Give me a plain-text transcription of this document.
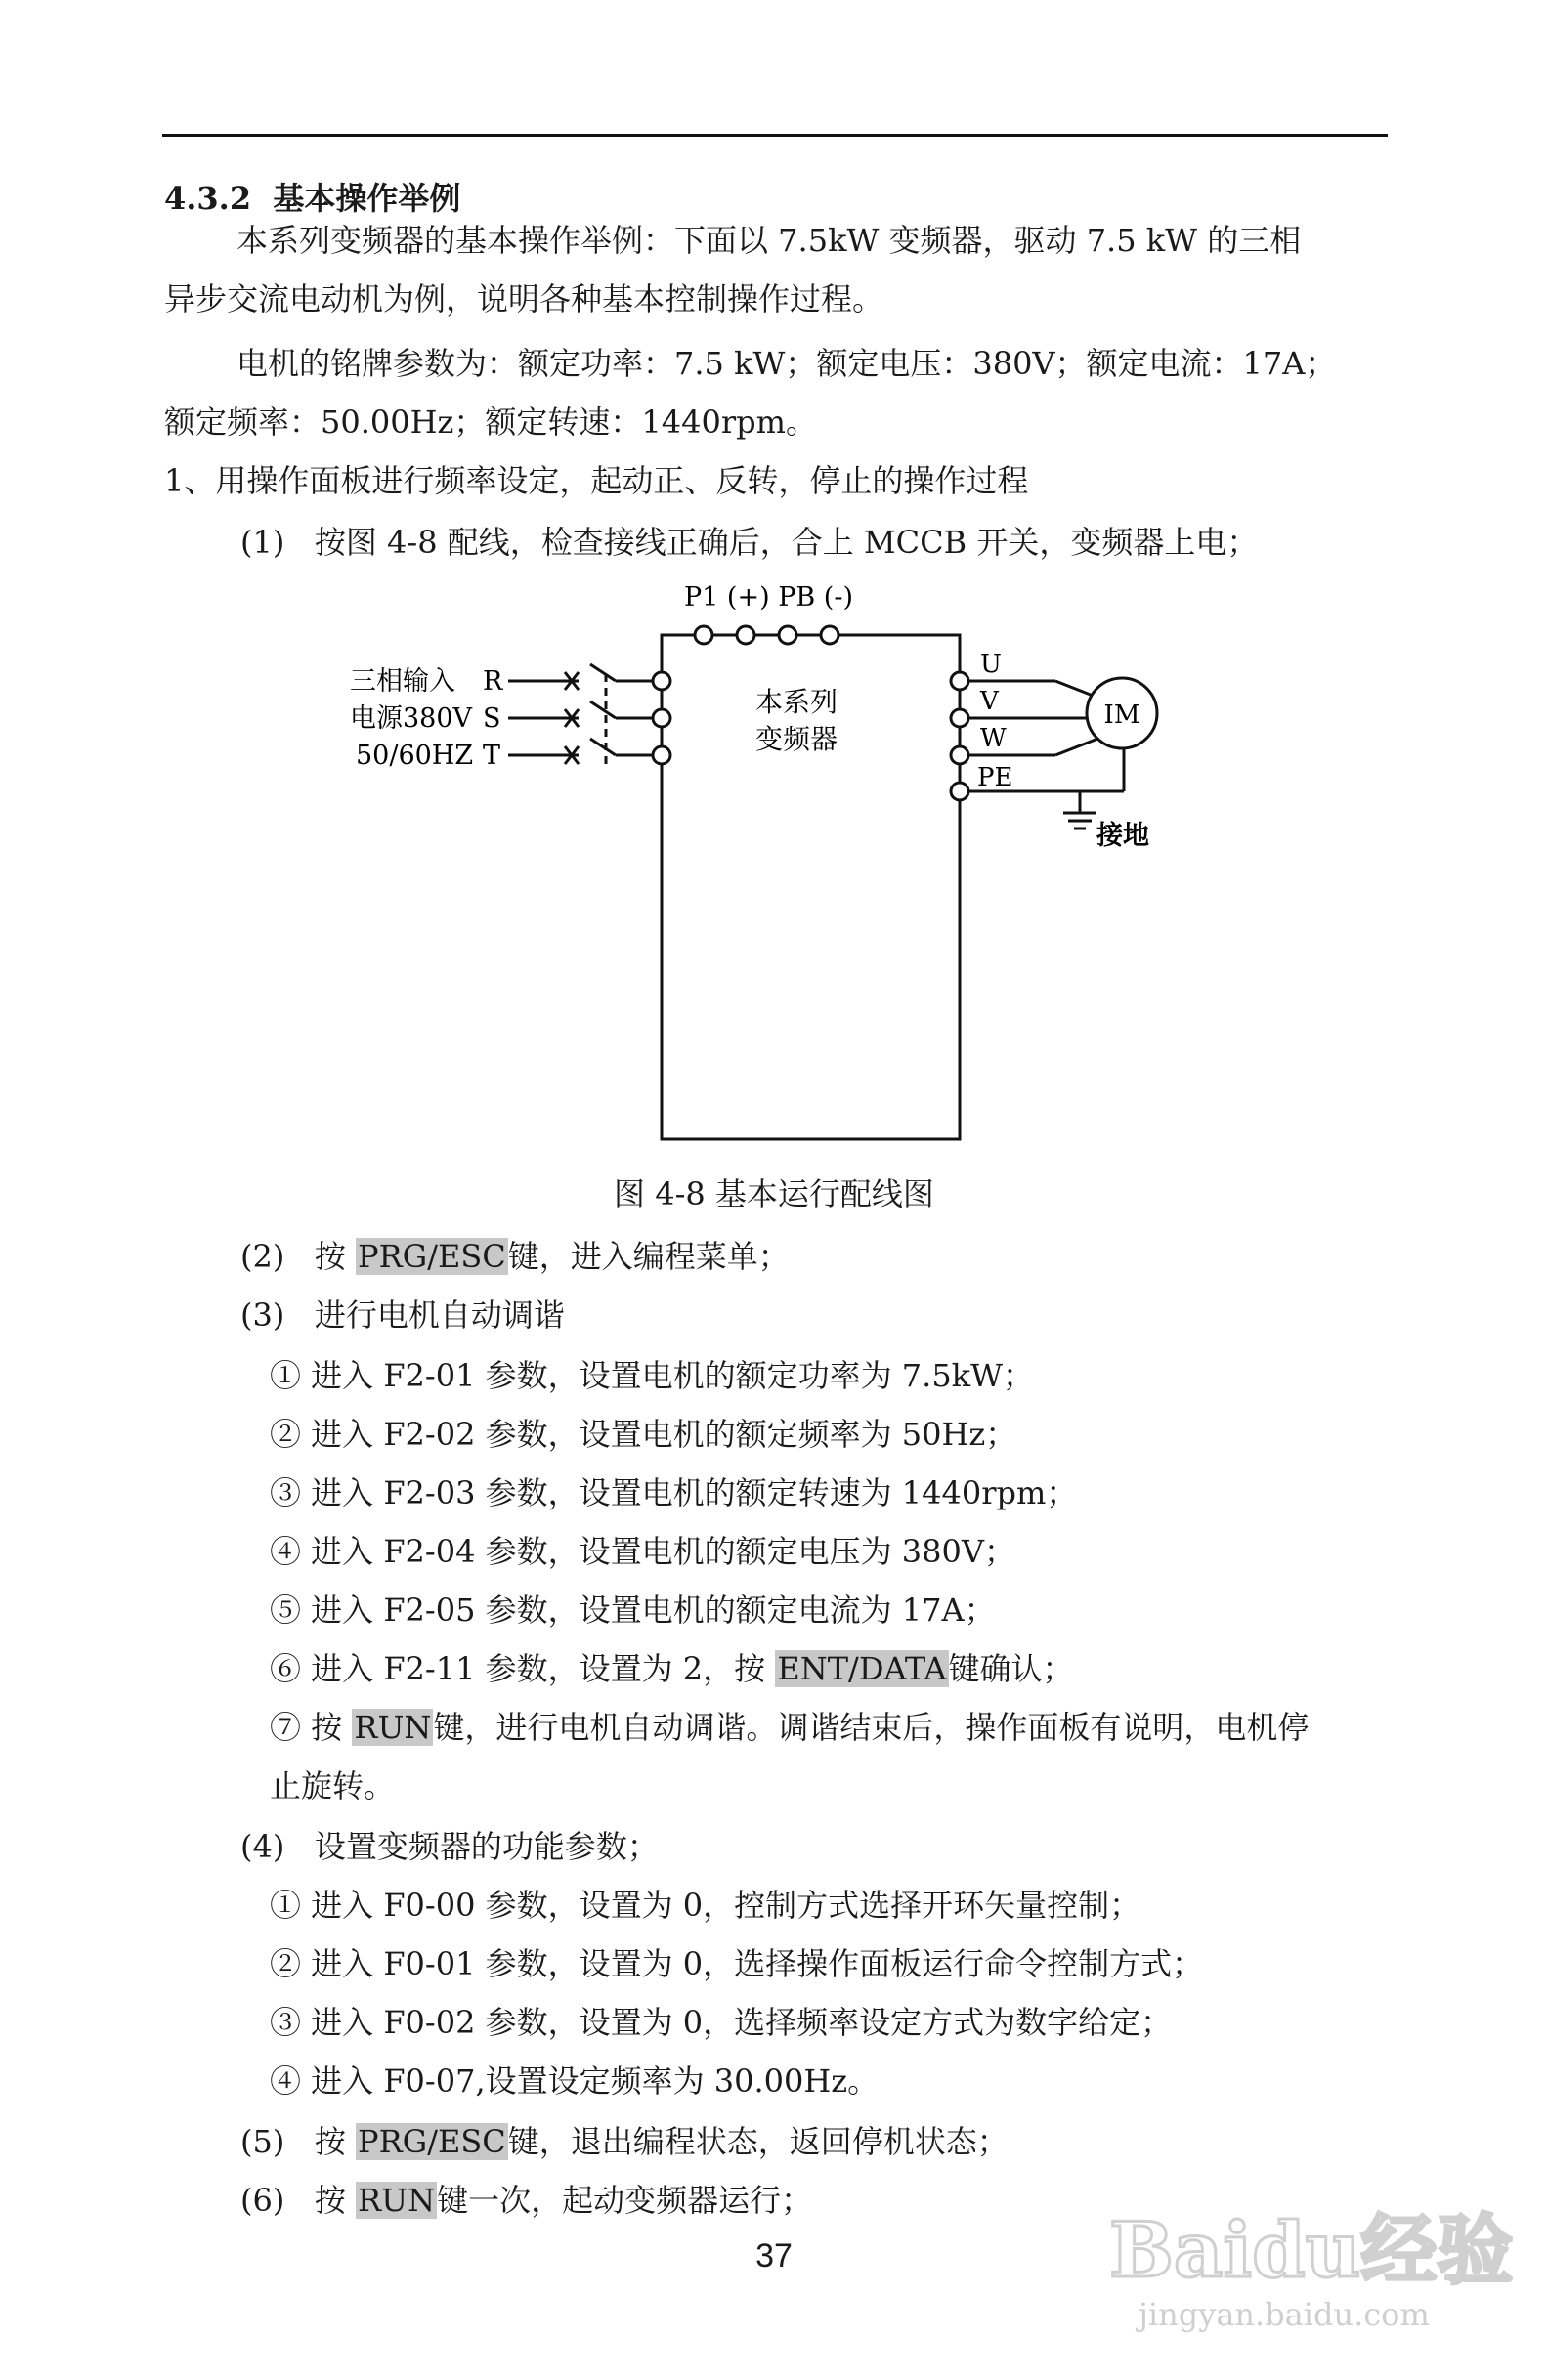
4.3.2 基本操作举例
本系列变频器的基本操作举例：下面以 7.5kW 变频器，驱动 7.5 kW 的三相
异步交流电动机为例，说明各种基本控制操作过程。
电机的铭牌参数为：额定功率：7.5 kW；额定电压：380V；额定电流：17A；
额定频率：50.00Hz；额定转速：1440rpm。
1、用操作面板进行频率设定，起动正、反转，停止的操作过程
(1) 按图 4-8 配线，检查接线正确后，合上 MCCB 开关，变频器上电；
P1 (+) PB (-)
三相输入
电源380V
50/60HZ
R
S
T
本系列
变频器
U
V
W
PE
IM
接地
图 4-8 基本运行配线图
(2) 按 PRG/ESC键，进入编程菜单；
(3) 进行电机自动调谐
① 进入 F2-01 参数，设置电机的额定功率为 7.5kW；
② 进入 F2-02 参数，设置电机的额定频率为 50Hz；
③ 进入 F2-03 参数，设置电机的额定转速为 1440rpm；
④ 进入 F2-04 参数，设置电机的额定电压为 380V；
⑤ 进入 F2-05 参数，设置电机的额定电流为 17A；
⑥ 进入 F2-11 参数，设置为 2，按 ENT/DATA键确认；
⑦ 按 RUN键，进行电机自动调谐。调谐结束后，操作面板有说明，电机停
止旋转。
(4) 设置变频器的功能参数；
① 进入 F0-00 参数，设置为 0，控制方式选择开环矢量控制；
② 进入 F0-01 参数，设置为 0，选择操作面板运行命令控制方式；
③ 进入 F0-02 参数，设置为 0，选择频率设定方式为数字给定；
④ 进入 F0-07,设置设定频率为 30.00Hz。
(5) 按 PRG/ESC键，退出编程状态，返回停机状态；
(6) 按 RUN键一次，起动变频器运行；
37	Baidu经验
jingyan.baidu.com
